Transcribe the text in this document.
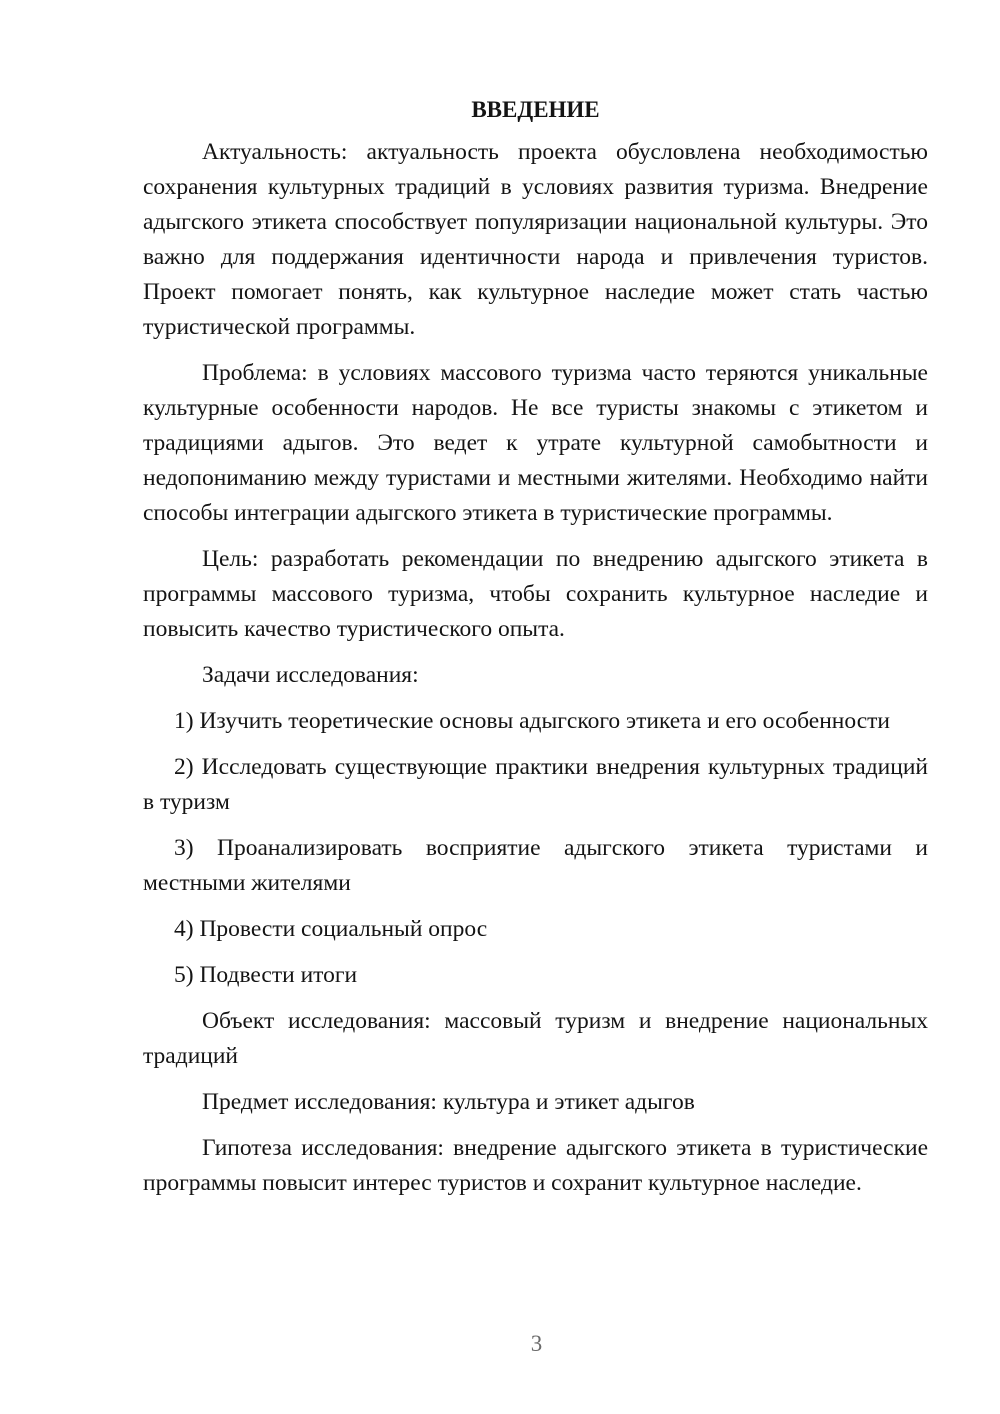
ВВЕДЕНИЕ

Актуальность: актуальность проекта обусловлена необходимостью сохранения культурных традиций в условиях развития туризма. Внедрение адыгского этикета способствует популяризации национальной культуры. Это важно для поддержания идентичности народа и привлечения туристов. Проект помогает понять, как культурное наследие может стать частью туристической программы.

Проблема: в условиях массового туризма часто теряются уникальные культурные особенности народов. Не все туристы знакомы с этикетом и традициями адыгов. Это ведет к утрате культурной самобытности и недопониманию между туристами и местными жителями. Необходимо найти способы интеграции адыгского этикета в туристические программы.

Цель: разработать рекомендации по внедрению адыгского этикета в программы массового туризма, чтобы сохранить культурное наследие и повысить качество туристического опыта.

Задачи исследования:

1) Изучить теоретические основы адыгского этикета и его особенности

2) Исследовать существующие практики внедрения культурных традиций в туризм

3) Проанализировать восприятие адыгского этикета туристами и местными жителями

4) Провести социальный опрос

5) Подвести итоги

Объект исследования: массовый туризм и внедрение национальных традиций

Предмет исследования: культура и этикет адыгов

Гипотеза исследования: внедрение адыгского этикета в туристические программы повысит интерес туристов и сохранит культурное наследие.

3
